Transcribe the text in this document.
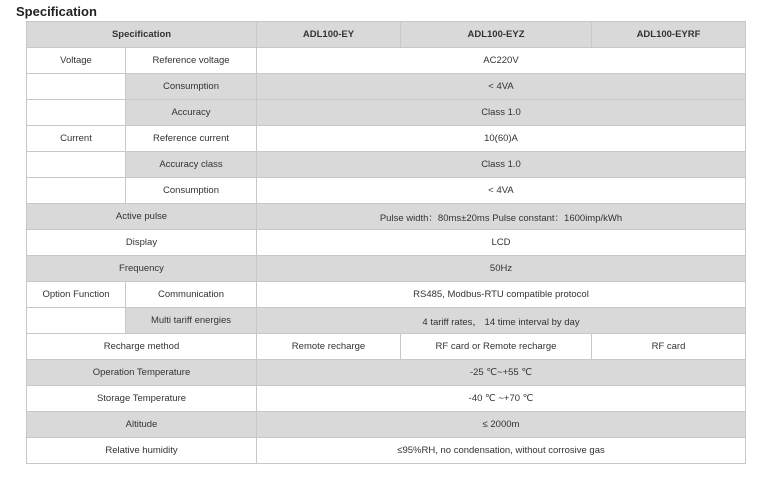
Specification
Specification		ADL100-EY	ADL100-EYZ	ADL100-EYRF
Voltage	Reference voltage	AC220V		
	Consumption	< 4VA		
	Accuracy	Class 1.0		
Current	Reference current	10(60)A		
	Accuracy class	Class 1.0		
	Consumption	< 4VA		
Active pulse		Pulse width：80ms±20ms Pulse constant：1600imp/kWh		
Display		LCD		
Frequency		50Hz		
Option Function	Communication	RS485, Modbus-RTU compatible protocol		
	Multi tariff energies	4 tariff rates， 14 time interval by day		
Recharge method		Remote recharge	RF card or Remote recharge	RF card
Operation Temperature		-25 ℃~+55 ℃		
Storage Temperature		-40 ℃ ~+70 ℃		
Altitude		≤ 2000m		
Relative humidity		≤95%RH, no condensation, without corrosive gas		
